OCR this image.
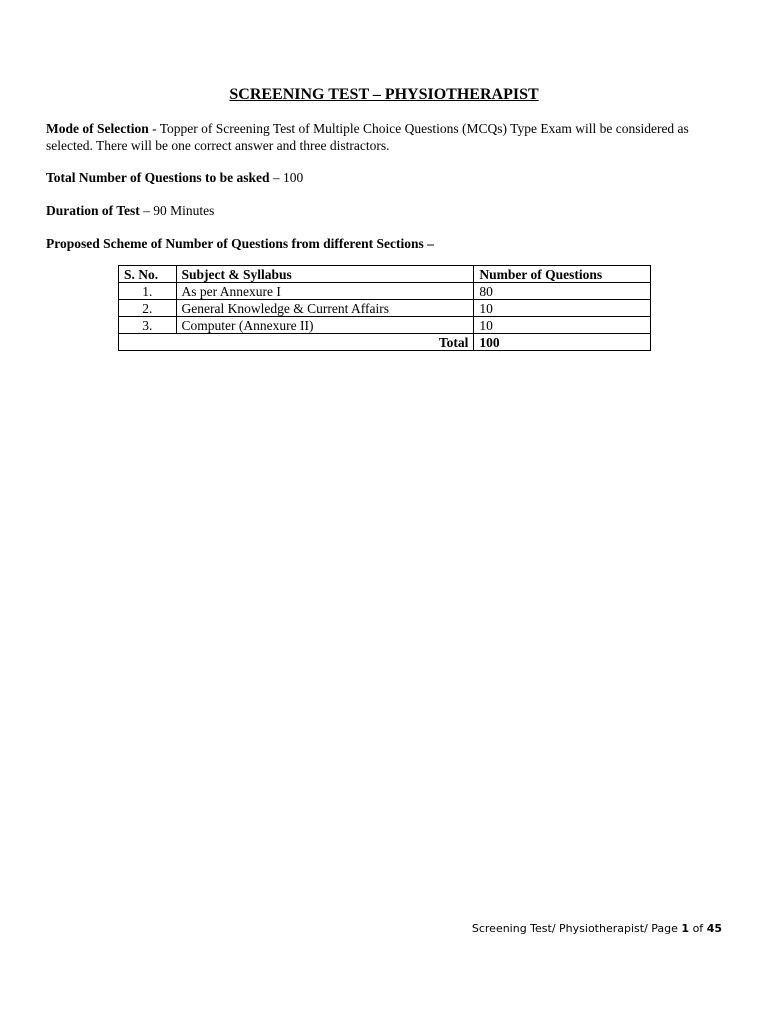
SCREENING TEST – PHYSIOTHERAPIST
Mode of Selection - Topper of Screening Test of Multiple Choice Questions (MCQs) Type Exam will be considered as selected. There will be one correct answer and three distractors.
Total Number of Questions to be asked – 100
Duration of Test – 90 Minutes
Proposed Scheme of Number of Questions from different Sections –
S. No.	Subject & Syllabus	Number of Questions
1.	As per Annexure I	80
2.	General Knowledge & Current Affairs	10
3.	Computer (Annexure II)	10
Total		100
Screening Test/ Physiotherapist/ Page 1 of 45
